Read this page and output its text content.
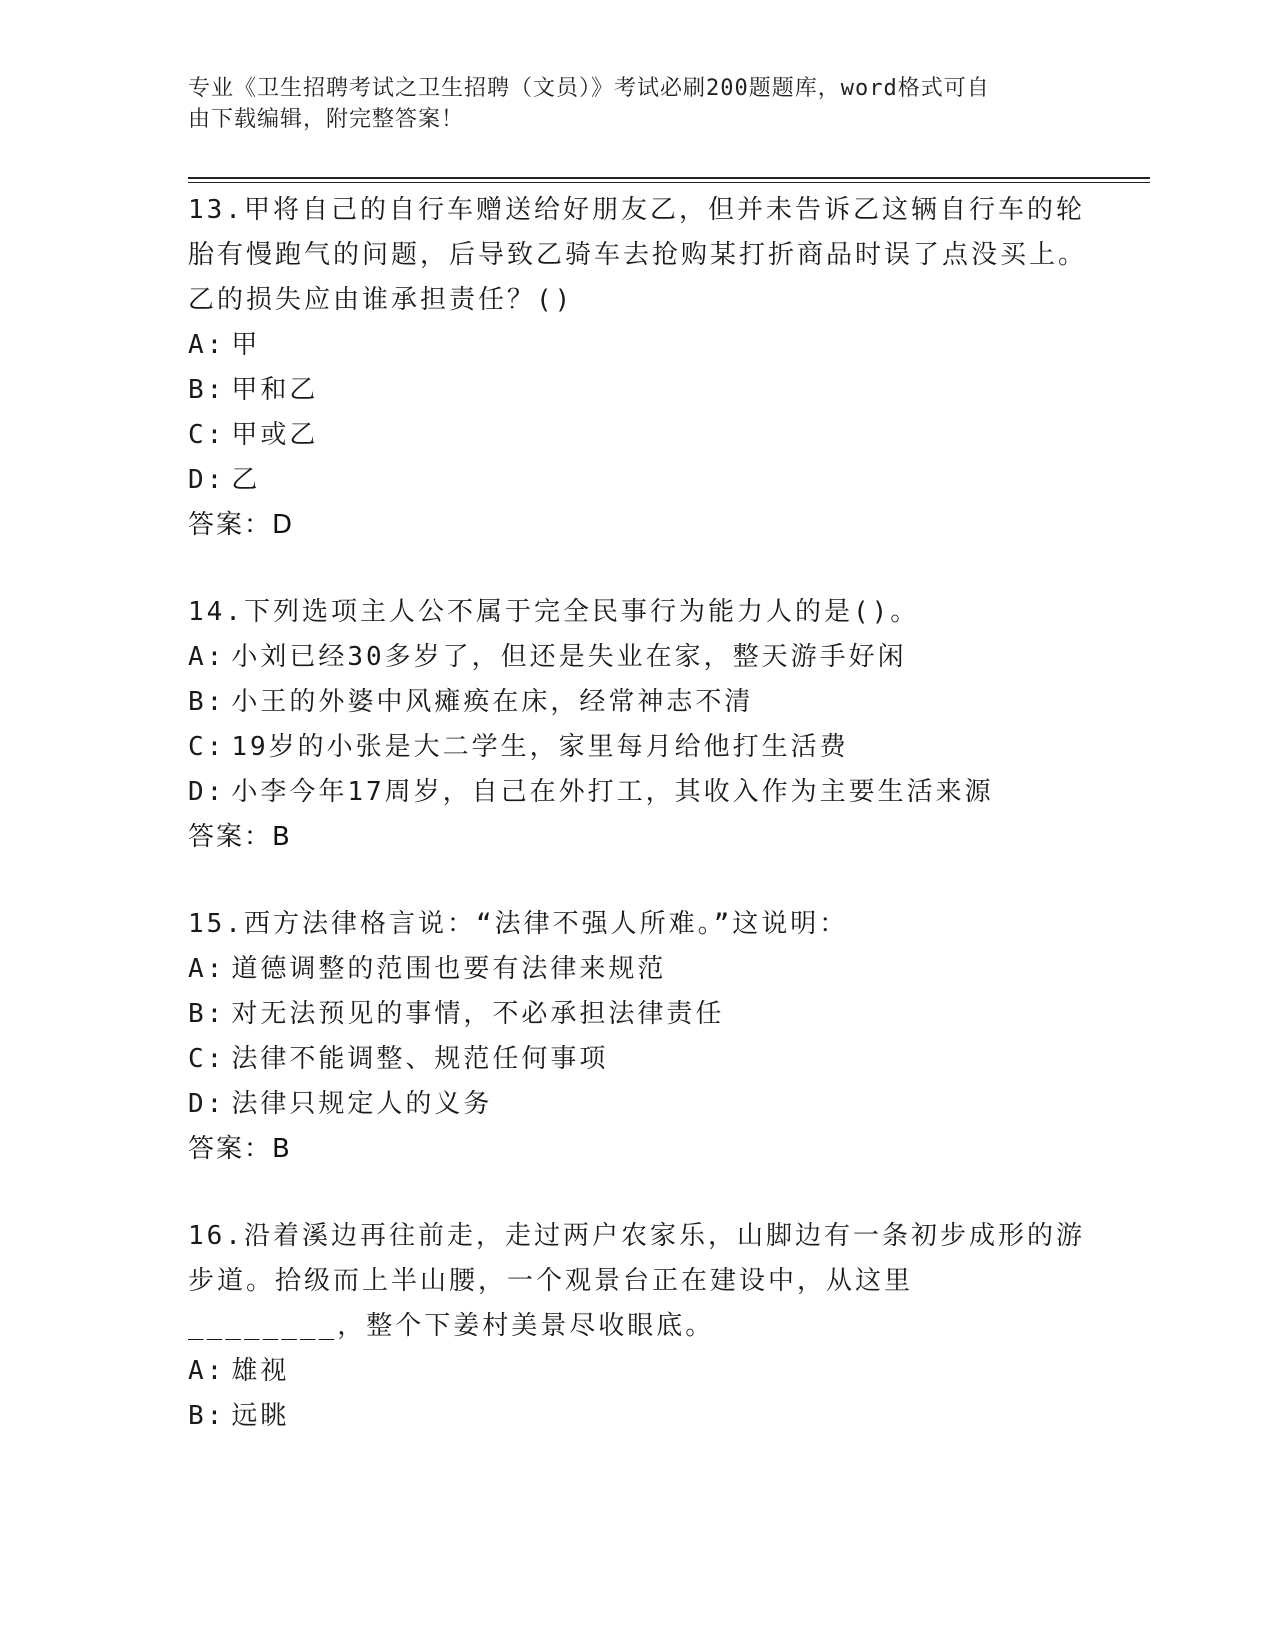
专业《卫生招聘考试之卫生招聘（文员）》考试必刷200题题库，word格式可自
由下载编辑，附完整答案！
13.甲将自己的自行车赠送给好朋友乙，但并未告诉乙这辆自行车的轮胎有慢跑气的问题，后导致乙骑车去抢购某打折商品时误了点没买上。乙的损失应由谁承担责任？()
A: 甲
B: 甲和乙
C: 甲或乙
D: 乙
答案：D
14.下列选项主人公不属于完全民事行为能力人的是()。
A: 小刘已经30多岁了，但还是失业在家，整天游手好闲
B: 小王的外婆中风瘫痪在床，经常神志不清
C: 19岁的小张是大二学生，家里每月给他打生活费
D: 小李今年17周岁，自己在外打工，其收入作为主要生活来源
答案：B
15.西方法律格言说：“法律不强人所难。”这说明：
A: 道德调整的范围也要有法律来规范
B: 对无法预见的事情，不必承担法律责任
C: 法律不能调整、规范任何事项
D: 法律只规定人的义务
答案：B
16.沿着溪边再往前走，走过两户农家乐，山脚边有一条初步成形的游步道。拾级而上半山腰，一个观景台正在建设中，从这里________，整个下姜村美景尽收眼底。
A: 雄视
B: 远眺
